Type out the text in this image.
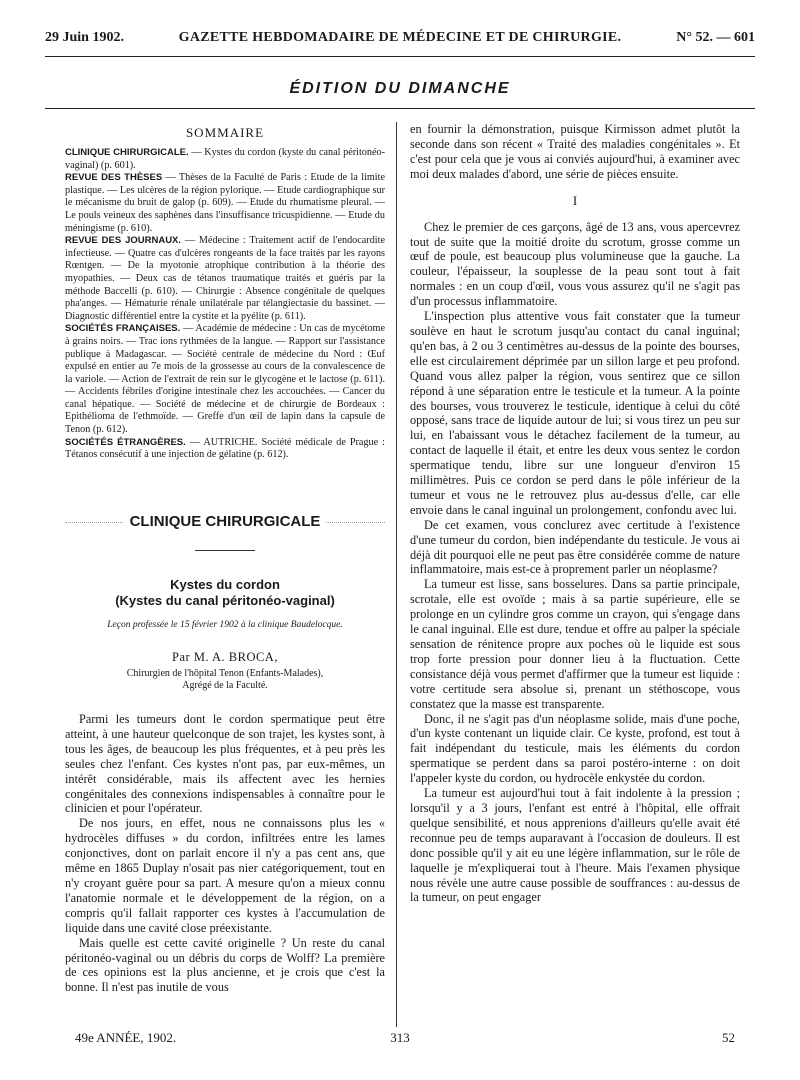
29 Juin 1902.	GAZETTE HEBDOMADAIRE DE MÉDECINE ET DE CHIRURGIE.	N° 52. — 601
ÉDITION DU DIMANCHE
SOMMAIRE

CLINIQUE CHIRURGICALE. — Kystes du cordon (kyste du canal péritonéo-vaginal) (p. 601).

REVUE DES THÈSES — Thèses de la Faculté de Paris : Etude de la limite plastique. — Les ulcères de la région pylorique. — Etude cardiographique sur le mécanisme du bruit de galop (p. 609). — Etude du rhumatisme pleural. — Le pouls veineux des saphènes dans l'insuffisance tricuspidienne. — Etude du méningisme (p. 610).

REVUE DES JOURNAUX. — Médecine : Traitement actif de l'endocardite infectieuse. — Quatre cas d'ulcères rongeants de la face traités par les rayons Rœntgen. — De la myotonie atrophique contribution à la théorie des myopathies. — Deux cas de tétanos traumatique traités et guéris par la méthode Baccelli (p. 610). — Chirurgie : Absence congénitale de quelques pha'anges. — Hématurie rénale unilatérale par télangiectasie du bassinet. — Diagnostic différentiel entre la cystite et la pyélite (p. 611).

SOCIÉTÉS FRANÇAISES. — Académie de médecine : Un cas de mycétome à grains noirs. — Trac ions rythmées de la langue. — Rapport sur l'assistance publique à Madagascar. — Société centrale de médecine du Nord : Œuf expulsé en entier au 7e mois de la grossesse au cours de la convalescence de la variole. — Action de l'extrait de rein sur le glycogène et le lactose (p. 611). — Accidents fébriles d'origine intestinale chez les accouchées. — Cancer du canal hépatique. — Société de médecine et de chirurgie de Bordeaux : Epithélioma de l'ethmoïde. — Greffe d'un œil de lapin dans la capsule de Tenon (p. 612).

SOCIÉTÉS ÉTRANGÈRES. — AUTRICHE. Société médicale de Prague : Tétanos consécutif à une injection de gélatine (p. 612).

CLINIQUE CHIRURGICALE
Kystes du cordon
(Kystes du canal péritonéo-vaginal)
Leçon professée le 15 février 1902 à la clinique Baudelocque.
Par M. A. BROCA,
Chirurgien de l'hôpital Tenon (Enfants-Malades),
Agrégé de la Faculté.

Parmi les tumeurs dont le cordon spermatique peut être atteint, à une hauteur quelconque de son trajet, les kystes sont, à tous les âges, de beaucoup les plus fréquentes, et à peu près les seules chez l'enfant. Ces kystes n'ont pas, par eux-mêmes, un intérêt considérable, mais ils affectent avec les hernies congénitales des connexions indispensables à connaître pour le clinicien et pour l'opérateur.

De nos jours, en effet, nous ne connaissons plus les « hydrocèles diffuses » du cordon, infiltrées entre les lames conjonctives, dont on parlait encore il n'y a pas cent ans, que même en 1865 Duplay n'osait pas nier catégoriquement, tout en n'y croyant guère pour sa part. A mesure qu'on a mieux connu l'anatomie normale et le développement de la région, on a compris qu'il fallait rapporter ces kystes à l'accumulation de liquide dans une cavité close préexistante.

Mais quelle est cette cavité originelle ? Un reste du canal péritonéo-vaginal ou un débris du corps de Wolff? La première de ces opinions est la plus ancienne, et je crois que c'est la bonne. Il n'est pas inutile de vous

en fournir la démonstration, puisque Kirmisson admet plutôt la seconde dans son récent « Traité des maladies congénitales ». Et c'est pour cela que je vous ai conviés aujourd'hui, à examiner avec moi deux malades d'abord, une série de pièces ensuite.

I

Chez le premier de ces garçons, âgé de 13 ans, vous apercevrez tout de suite que la moitié droite du scrotum, grosse comme un œuf de poule, est beaucoup plus volumineuse que la gauche. La couleur, l'épaisseur, la souplesse de la peau sont tout à fait normales : en un coup d'œil, vous vous assurez qu'il ne s'agit pas d'un processus inflammatoire.

L'inspection plus attentive vous fait constater que la tumeur soulève en haut le scrotum jusqu'au contact du canal inguinal; qu'en bas, à 2 ou 3 centimètres au-dessus de la pointe des bourses, elle est circulairement déprimée par un sillon large et peu profond. Quand vous allez palper la région, vous sentirez que ce sillon répond à une séparation entre le testicule et la tumeur. A la pointe des bourses, vous trouverez le testicule, identique à celui du côté opposé, sans trace de liquide autour de lui; si vous tirez un peu sur lui, en l'abaissant vous le détachez facilement de la tumeur, au contact de laquelle il était, et entre les deux vous sentez le cordon spermatique tendu, libre sur une longueur d'environ 15 millimètres. Puis ce cordon se perd dans le pôle inférieur de la tumeur et vous ne le retrouvez plus au-dessus d'elle, car elle envoie dans le canal inguinal un prolongement, confondu avec lui.

De cet examen, vous conclurez avec certitude à l'existence d'une tumeur du cordon, bien indépendante du testicule. Je vous ai déjà dit pourquoi elle ne peut pas être considérée comme de nature inflammatoire, mais est-ce à proprement parler un néoplasme?

La tumeur est lisse, sans bosselures. Dans sa partie principale, scrotale, elle est ovoïde ; mais à sa partie supérieure, elle se prolonge en un cylindre gros comme un crayon, qui s'engage dans le canal inguinal. Elle est dure, tendue et offre au palper la spéciale sensation de rénitence propre aux poches où le liquide est sous trop forte pression pour donner lieu à la fluctuation. Cette consistance déjà vous permet d'affirmer que la tumeur est liquide : votre certitude sera absolue si, prenant un stéthoscope, vous constatez que la masse est transparente.

Donc, il ne s'agit pas d'un néoplasme solide, mais d'une poche, d'un kyste contenant un liquide clair. Ce kyste, profond, est tout à fait indépendant du testicule, mais les éléments du cordon spermatique se perdent dans sa paroi postéro-interne : on doit l'appeler kyste du cordon, ou hydrocèle enkystée du cordon.

La tumeur est aujourd'hui tout à fait indolente à la pression ; lorsqu'il y a 3 jours, l'enfant est entré à l'hôpital, elle offrait quelque sensibilité, et nous apprenions d'ailleurs qu'elle avait été reconnue peu de temps auparavant à l'occasion de douleurs. Il est donc possible qu'il y ait eu une légère inflammation, sur le rôle de laquelle je m'expliquerai tout à l'heure. Mais l'examen physique nous révèle une autre cause possible de souffrances : au-dessus de la tumeur, on peut engager

49e ANNÉE, 1902.	313	52
